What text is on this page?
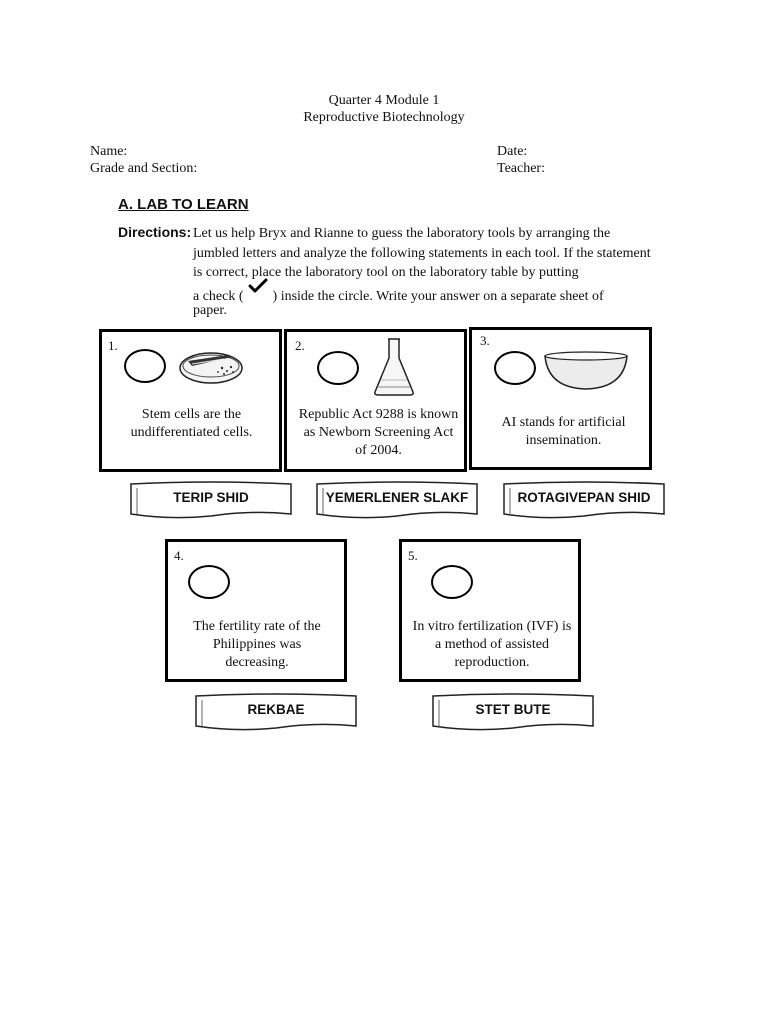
Quarter 4 Module 1
Reproductive Biotechnology
Name:
Grade and Section:
Date:
Teacher:
A. LAB TO LEARN
Directions: Let us help Bryx and Rianne to guess the laboratory tools by arranging the
jumbled letters and analyze the following statements in each tool. If the statement
is correct, place the laboratory tool on the laboratory table by putting
a check ( ) inside the circle. Write your answer on a separate sheet of
paper.
1.
Stem cells are the undifferentiated cells.
2.
Republic Act 9288 is known as Newborn Screening Act of 2004.
3.
AI stands for artificial insemination.
4.
The fertility rate of the Philippines was decreasing.
5.
In vitro fertilization (IVF) is a method of assisted reproduction.
TERIP SHID	YEMERLENER SLAKF	ROTAGIVEPAN SHID
REKBAE	STET BUTE
